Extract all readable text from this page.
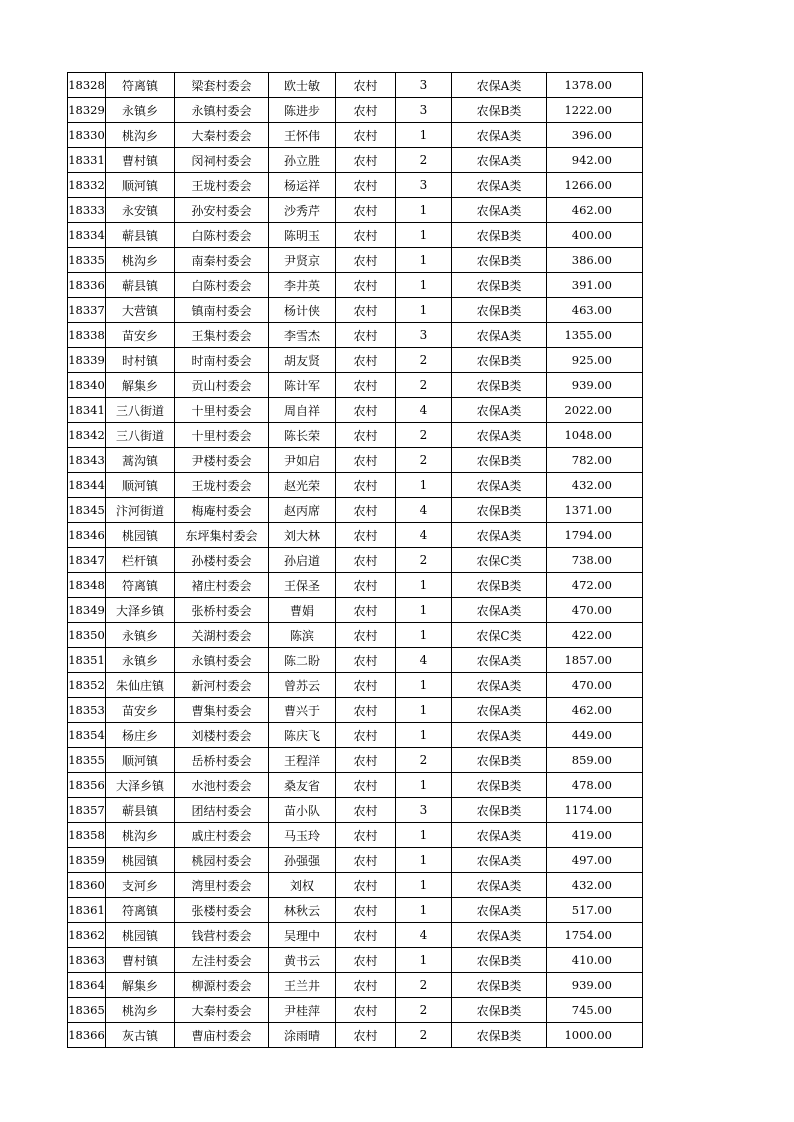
18328	符离镇	梁套村委会	欧士敏	农村	3	农保A类	1378.00
18329	永镇乡	永镇村委会	陈进步	农村	3	农保B类	1222.00
18330	桃沟乡	大秦村委会	王怀伟	农村	1	农保A类	396.00
18331	曹村镇	闵祠村委会	孙立胜	农村	2	农保A类	942.00
18332	顺河镇	王垅村委会	杨运祥	农村	3	农保A类	1266.00
18333	永安镇	孙安村委会	沙秀芹	农村	1	农保A类	462.00
18334	蕲县镇	白陈村委会	陈明玉	农村	1	农保B类	400.00
18335	桃沟乡	南秦村委会	尹贤京	农村	1	农保B类	386.00
18336	蕲县镇	白陈村委会	李井英	农村	1	农保B类	391.00
18337	大营镇	镇南村委会	杨计侠	农村	1	农保B类	463.00
18338	苗安乡	王集村委会	李雪杰	农村	3	农保A类	1355.00
18339	时村镇	时南村委会	胡友贤	农村	2	农保B类	925.00
18340	解集乡	贡山村委会	陈计军	农村	2	农保B类	939.00
18341	三八街道	十里村委会	周自祥	农村	4	农保A类	2022.00
18342	三八街道	十里村委会	陈长荣	农村	2	农保A类	1048.00
18343	蒿沟镇	尹楼村委会	尹如启	农村	2	农保B类	782.00
18344	顺河镇	王垅村委会	赵光荣	农村	1	农保A类	432.00
18345	汴河街道	梅庵村委会	赵丙席	农村	4	农保B类	1371.00
18346	桃园镇	东坪集村委会	刘大林	农村	4	农保A类	1794.00
18347	栏杆镇	孙楼村委会	孙启道	农村	2	农保C类	738.00
18348	符离镇	褚庄村委会	王保圣	农村	1	农保B类	472.00
18349	大泽乡镇	张桥村委会	曹娟	农村	1	农保A类	470.00
18350	永镇乡	关湖村委会	陈滨	农村	1	农保C类	422.00
18351	永镇乡	永镇村委会	陈二盼	农村	4	农保A类	1857.00
18352	朱仙庄镇	新河村委会	曾苏云	农村	1	农保A类	470.00
18353	苗安乡	曹集村委会	曹兴于	农村	1	农保A类	462.00
18354	杨庄乡	刘楼村委会	陈庆飞	农村	1	农保A类	449.00
18355	顺河镇	岳桥村委会	王程洋	农村	2	农保B类	859.00
18356	大泽乡镇	水池村委会	桑友省	农村	1	农保B类	478.00
18357	蕲县镇	团结村委会	苗小队	农村	3	农保B类	1174.00
18358	桃沟乡	戚庄村委会	马玉玲	农村	1	农保A类	419.00
18359	桃园镇	桃园村委会	孙强强	农村	1	农保A类	497.00
18360	支河乡	湾里村委会	刘权	农村	1	农保A类	432.00
18361	符离镇	张楼村委会	林秋云	农村	1	农保A类	517.00
18362	桃园镇	钱营村委会	吴理中	农村	4	农保A类	1754.00
18363	曹村镇	左洼村委会	黄书云	农村	1	农保B类	410.00
18364	解集乡	柳源村委会	王兰井	农村	2	农保B类	939.00
18365	桃沟乡	大秦村委会	尹桂萍	农村	2	农保B类	745.00
18366	灰古镇	曹庙村委会	涂雨晴	农村	2	农保B类	1000.00
